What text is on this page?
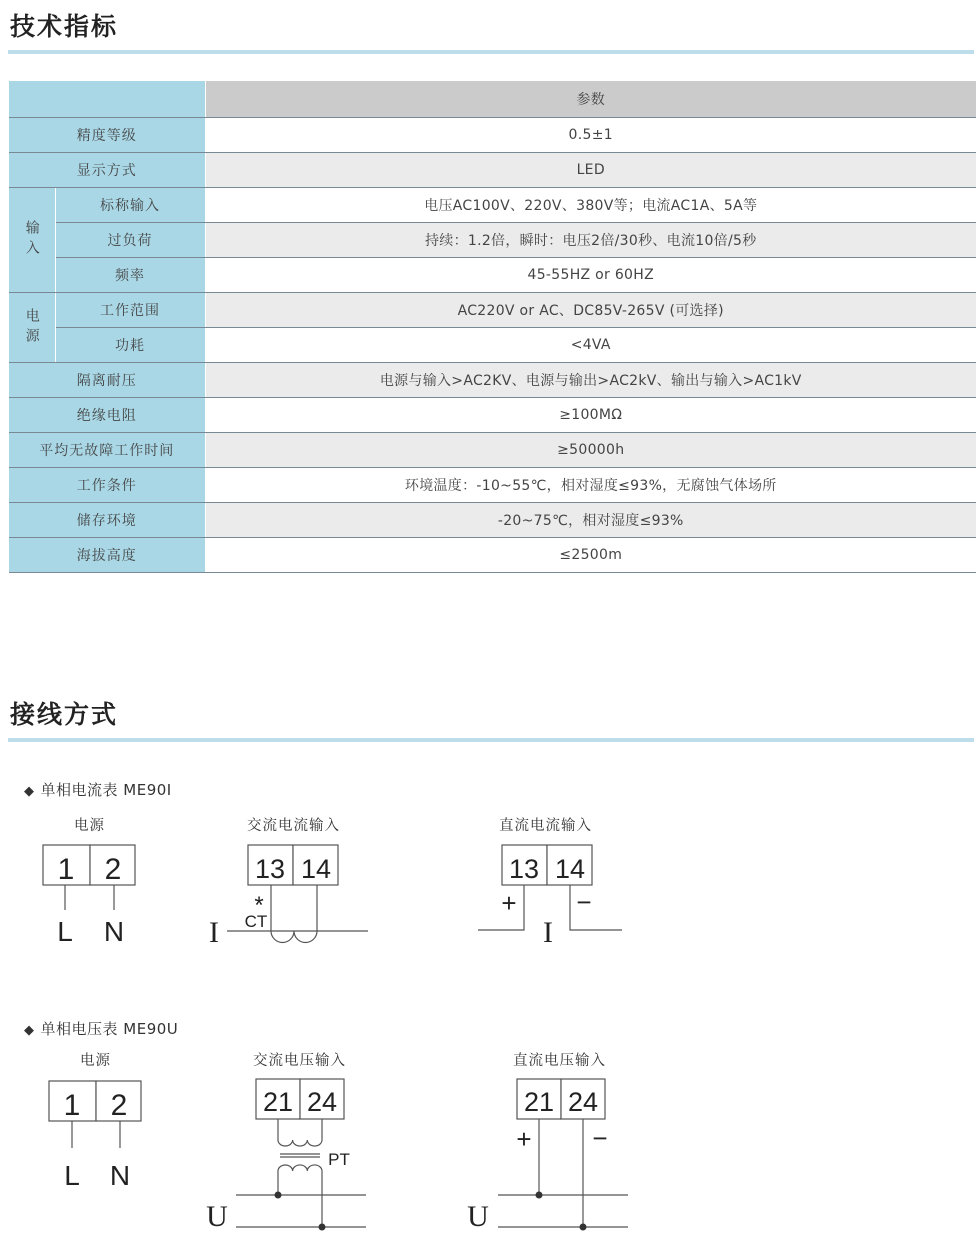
技术指标
		参数
精度等级		0.5±1
显示方式		LED
输入	标称输入	电压AC100V、220V、380V等；电流AC1A、5A等
	过负荷	持续：1.2倍，瞬时：电压2倍/30秒、电流10倍/5秒
	频率	45-55HZ or 60HZ
电源	工作范围	AC220V or AC、DC85V-265V (可选择)
	功耗	<4VA
隔离耐压		电源与输入>AC2KV、电源与输出>AC2kV、输出与输入>AC1kV
绝缘电阻		≥100MΩ
平均无故障工作时间		≥50000h
工作条件		环境温度：-10~55℃，相对湿度≤93%，无腐蚀气体场所
储存环境		-20~75℃，相对湿度≤93%
海拔高度		≤2500m
接线方式
◆ 单相电流表 ME90I
电源	交流电流输入	直流电流输入
◆ 单相电压表 ME90U
电源	交流电压输入	直流电压输入
1 2
L N
13 14
*
CT
I
13 14
+ −
I
1 2
L N
21 24
PT
U
21 24
+ −
U
